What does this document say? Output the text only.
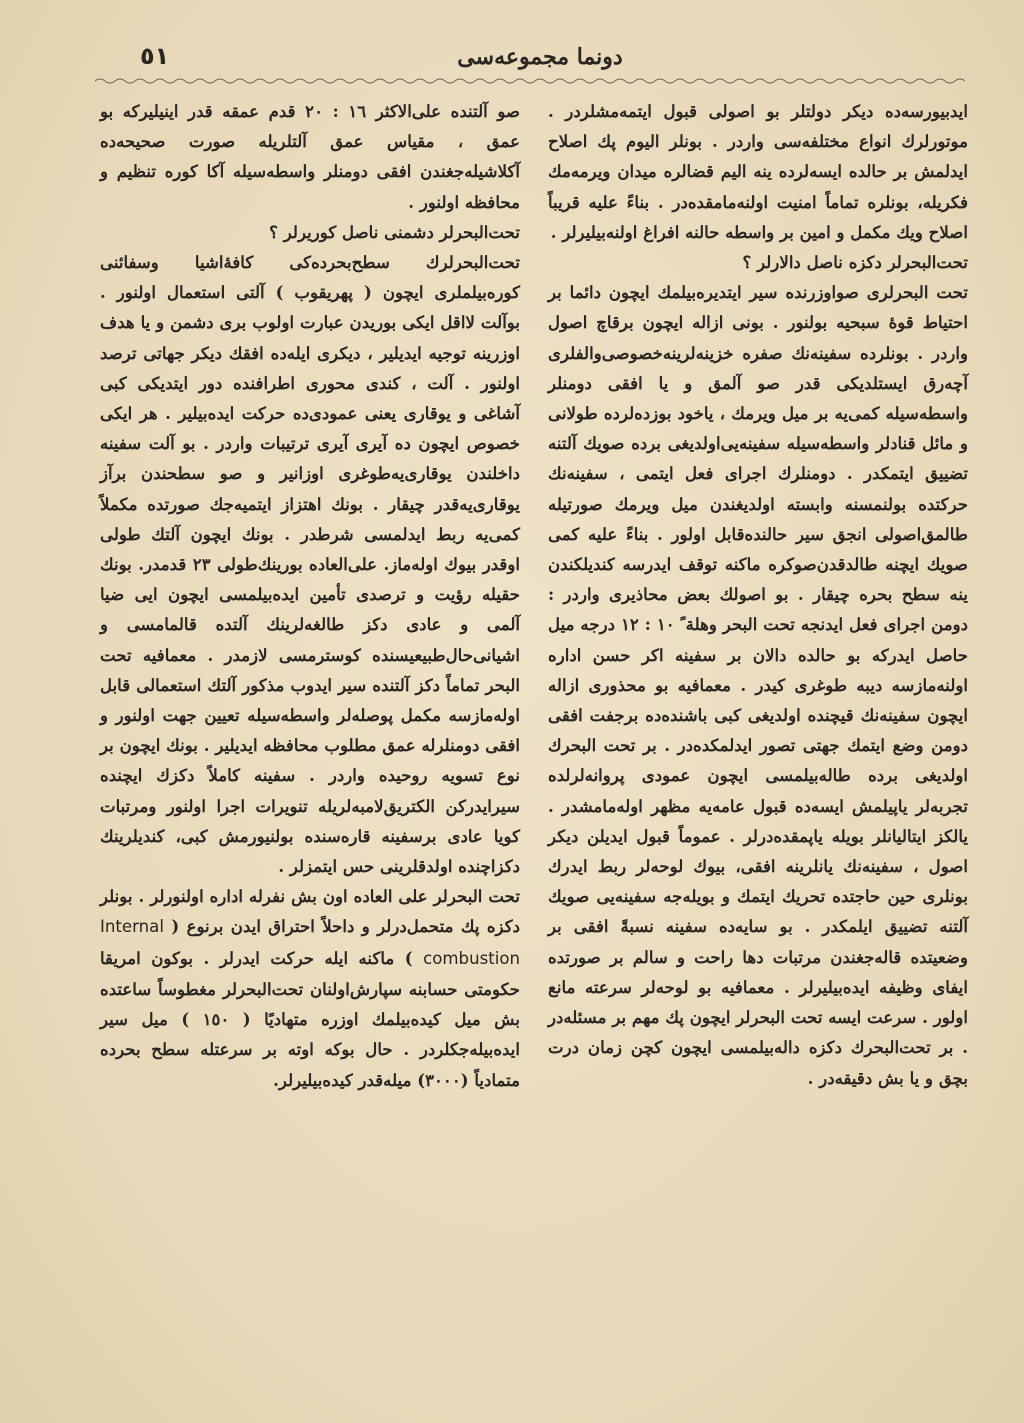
٥١	دونما مجموعه‌سی

ایدبیورسه‌ده دیکر دولتلر بو اصولی قبول ایتمه‌مشلردر . موتورلرك انواع مختلفه‌سی واردر . بونلر الیوم پك اصلاح ایدلمش بر حالده ایسه‌لرده ینه الیم قضالره میدان ویرمه‌مك فکریله، بونلره تماماً امنیت اولنه‌مامقده‌در . بناءً علیه قریباً اصلاح ویك مکمل و امین بر واسطه حالنه افراغ اولنه‌بیلیرلر .

تحت‌البحرلر دکزه ناصل دالارلر ؟

تحت البحرلری صواوزرنده سیر ایتدیره‌بیلمك ایچون دائما بر احتیاط قوهٔ سبحیه بولنور . بونی ازاله ایچون برقاچ اصول واردر . بونلرده سفینه‌نك صفره خزینه‌لرینه‌خصوصی‌والفلری آچه‌رق ایستلدیکی قدر صو آلمق و یا افقی دومنلر واسطه‌سیله کمی‌یه بر میل ویرمك ، یاخود بوزده‌لرده طولانی و مائل قنادلر واسطه‌سیله سفینه‌یی‌اولدیغی برده صویك آلتنه تضییق ایتمکدر . دومنلرك اجرای فعل ایتمی ، سفینه‌نك حرکتده بولنمسنه وابسته اولدیغندن میل ویرمك صورتیله طالمق‌اصولی انجق سیر حالنده‌قابل اولور . بناءً علیه کمی صویك ایچنه طالدقدن‌صوکره ماکنه توقف ایدرسه کندیلکندن ینه سطح بحره چیقار . بو اصولك بعض محاذیری واردر : دومن اجرای فعل ایدنجه تحت البحر وهلة ً ١٠ : ١٢ درجه میل حاصل ایدرکه بو حالده دالان بر سفینه اکر حسن اداره اولنه‌مازسه دیبه طوغری کیدر . معمافیه بو محذوری ازاله ایچون سفینه‌نك قیچنده اولدیغی کبی باشنده‌ده برجفت افقی دومن وضع ایتمك جهتی تصور ایدلمکده‌در . بر تحت البحرك اولدیغی برده طاله‌بیلمسی ایچون عمودی پروانه‌لرلده تجربه‌لر یاپیلمش ایسه‌ده قبول عامه‌یه مظهر اوله‌مامشدر . یالکز ایتالیانلر بویله یاپمقده‌درلر . عموماً قبول ایدیلن دیکر اصول ، سفینه‌نك یانلرینه افقی، بیوك لوحه‌لر ربط ایدرك بونلری حین حاجتده تحریك ایتمك و بویله‌جه سفینه‌یی صویك آلتنه تضییق ایلمکدر . بو سایه‌ده سفینه نسبةً افقی بر وضعیتده قاله‌جغندن مرتبات دها راحت و سالم بر صورتده ایفای وظیفه ایده‌بیلیرلر . معمافیه بو لوحه‌لر سرعته مانع اولور . سرعت ایسه تحت البحرلر ایچون پك مهم بر مسئله‌در . بر تحت‌البحرك دکزه داله‌بیلمسی ایچون کچن زمان درت بچق و یا بش دقیقه‌در .

صو آلتنده علی‌الاکثر ١٦ : ٢٠ قدم عمقه قدر اینیلیرکه بو عمق ، مقیاس عمق آلتلریله صورت صحیحه‌ده آکلاشیله‌جغندن افقی دومنلر واسطه‌سیله آکا کوره تنظیم و محافظه اولنور .

تحت‌البحرلر دشمنی ناصل کوریرلر ؟

تحت‌البحرلرك سطح‌بحرده‌کی کافهٔ‌اشیا وسفائنی کوره‌بیلملری ایچون ( پهریقوب ) آلتی استعمال اولنور . بوآلت لااقل ایکی بوریدن عبارت اولوب بری دشمن و یا هدف اوزرینه توجیه ایدیلیر ، دیکری ایله‌ده افقك دیکر جهاتی ترصد اولنور . آلت ، کندی محوری اطرافنده دور ایتدیکی کبی آشاغی و یوقاری یعنی عمودی‌ده حرکت ایده‌بیلیر . هر ایکی خصوص ایچون ده آیری آیری ترتیبات واردر . بو آلت سفینه داخلندن یوقاری‌یه‌طوغری اوزانیر و صو سطحندن برآز یوقاری‌یه‌قدر چیقار . بونك اهتزاز ایتمیه‌جك صورتده مکملاً کمی‌یه ربط ایدلمسی شرطدر . بونك ایچون آلتك طولی اوقدر بیوك اوله‌ماز. علی‌العاده بورینك‌طولی ٢٣ قدمدر. بونك حقیله رؤیت و ترصدی تأمین ایده‌بیلمسی ایچون ایی ضیا آلمی و عادی دکز طالغه‌لرینك آلتده قالمامسی و اشیانی‌حال‌طبیعیسنده کوسترمسی لازمدر . معمافیه تحت البحر تماماً دکز آلتنده سیر ایدوب مذکور آلتك استعمالی قابل اوله‌مازسه مکمل پوصله‌لر واسطه‌سیله تعیین جهت اولنور و افقی دومنلرله عمق مطلوب محافظه ایدیلیر . بونك ایچون بر نوع تسویه روحیده واردر . سفینه کاملاً دکزك ایچنده سیرایدرکن الکتریق‌لامبه‌لریله تنویرات اجرا اولنور ومرتبات کویا عادی برسفینه قاره‌سنده بولنیورمش کبی، کندیلرینك دکزاچنده اولدقلرینی حس ایتمزلر .

تحت البحرلر علی العاده اون بش نفرله اداره اولنورلر . بونلر دکزه پك متحمل‌درلر و داحلاً احتراق ایدن برنوع ( Internal combustion ) ماکنه ایله حرکت ایدرلر . بوکون امریقا حکومتی حسابنه سپارش‌اولنان تحت‌البحرلر مغطوساً ساعتده بش میل کیده‌بیلمك اوزره متهاديًا ( ١٥٠ ) میل سیر ایده‌بیله‌جکلردر . حال بوکه اوته بر سرعتله سطح بحرده متمادیاً (٣٠٠٠) میله‌قدر کیده‌بیلیرلر.
